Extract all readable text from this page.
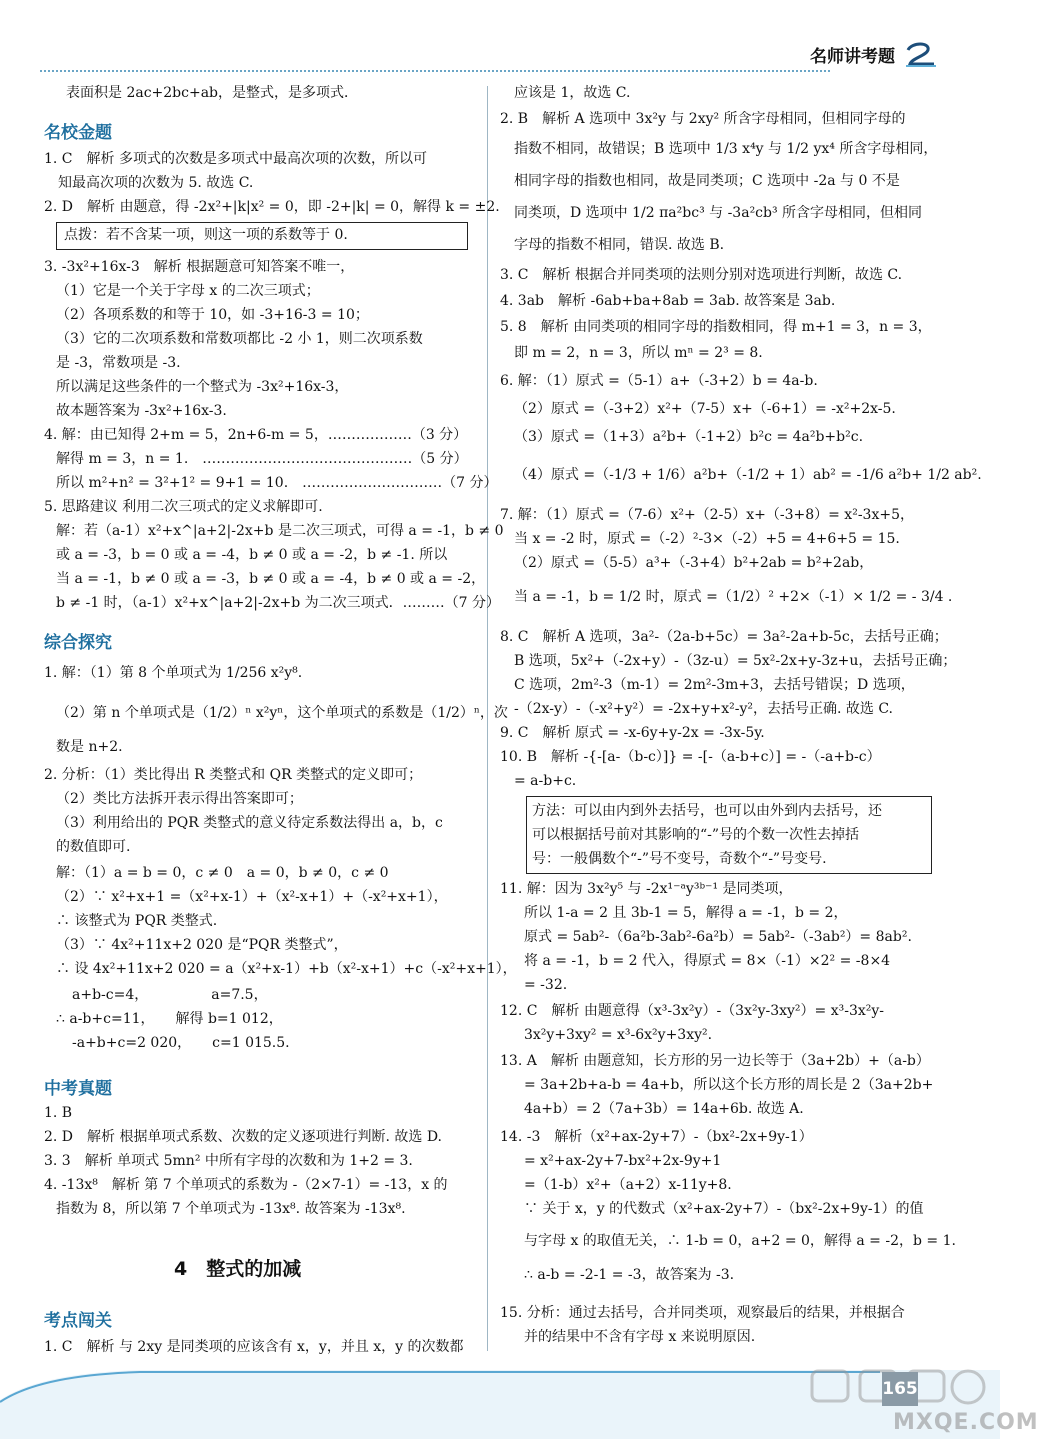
名师讲考题
表面积是 2ac+2bc+ab，是整式，是多项式．
名校金题
1. C　解析 多项式的次数是多项式中最高次项的次数，所以可
知最高次项的次数为 5. 故选 C.
2. D　解析 由题意，得 -2x²+|k|x² = 0，即 -2+|k| = 0，解得 k = ±2.
点拨：若不含某一项，则这一项的系数等于 0.
3. -3x²+16x-3　解析 根据题意可知答案不唯一，
（1）它是一个关于字母 x 的二次三项式；
（2）各项系数的和等于 10，如 -3+16-3 = 10；
（3）它的二次项系数和常数项都比 -2 小 1，则二次项系数
是 -3，常数项是 -3.
所以满足这些条件的一个整式为 -3x²+16x-3，
故本题答案为 -3x²+16x-3.
4. 解：由已知得 2+m = 5，2n+6-m = 5，………………（3 分）
解得 m = 3，n = 1.　………………………………………（5 分）
所以 m²+n² = 3²+1² = 9+1 = 10.　…………………………（7 分）
5. 思路建议 利用二次三项式的定义求解即可.
解：若（a-1）x²+x^|a+2|-2x+b 是二次三项式，可得 a = -1，b ≠ 0
或 a = -3，b = 0 或 a = -4，b ≠ 0 或 a = -2，b ≠ -1. 所以
当 a = -1，b ≠ 0 或 a = -3，b ≠ 0 或 a = -4，b ≠ 0 或 a = -2，
b ≠ -1 时，（a-1）x²+x^|a+2|-2x+b 为二次三项式．………（7 分）
综合探究
1. 解：（1）第 8 个单项式为 1/256 x²y⁸.
（2）第 n 个单项式是（1/2）ⁿ x²yⁿ，这个单项式的系数是（1/2）ⁿ，次
数是 n+2.
2. 分析：（1）类比得出 R 类整式和 QR 类整式的定义即可；
（2）类比方法拆开表示得出答案即可；
（3）利用给出的 PQR 类整式的意义待定系数法得出 a，b，c
的数值即可.
解：（1）a = b = 0，c ≠ 0　a = 0，b ≠ 0，c ≠ 0
（2）∵ x²+x+1 =（x²+x-1）+（x²-x+1）+（-x²+x+1），
∴ 该整式为 PQR 类整式.
（3）∵ 4x²+11x+2 020 是“PQR 类整式”，
∴ 设 4x²+11x+2 020 = a（x²+x-1）+b（x²-x+1）+c（-x²+x+1），
a+b-c=4，　　　　　a=7.5，
∴ a-b+c=11，　　解得 b=1 012，
-a+b+c=2 020，　　c=1 015.5.
中考真题
1. B
2. D　解析 根据单项式系数、次数的定义逐项进行判断. 故选 D.
3. 3　解析 单项式 5mn² 中所有字母的次数和为 1+2 = 3.
4. -13x⁸　解析 第 7 个单项式的系数为 -（2×7-1）= -13，x 的
指数为 8，所以第 7 个单项式为 -13x⁸. 故答案为 -13x⁸.
4　整式的加减
考点闯关
1. C　解析 与 2xy 是同类项的应该含有 x，y，并且 x，y 的次数都
应该是 1，故选 C.
2. B　解析 A 选项中 3x²y 与 2xy² 所含字母相同，但相同字母的
指数不相同，故错误；B 选项中 1/3 x⁴y 与 1/2 yx⁴ 所含字母相同，
相同字母的指数也相同，故是同类项；C 选项中 -2a 与 0 不是
同类项，D 选项中 1/2 πa²bc³ 与 -3a²cb³ 所含字母相同，但相同
字母的指数不相同，错误. 故选 B.
3. C　解析 根据合并同类项的法则分别对选项进行判断，故选 C.
4. 3ab　解析 -6ab+ba+8ab = 3ab. 故答案是 3ab.
5. 8　解析 由同类项的相同字母的指数相同，得 m+1 = 3，n = 3，
即 m = 2，n = 3，所以 mⁿ = 2³ = 8.
6. 解：（1）原式 =（5-1）a+（-3+2）b = 4a-b.
（2）原式 =（-3+2）x²+（7-5）x+（-6+1）= -x²+2x-5.
（3）原式 =（1+3）a²b+（-1+2）b²c = 4a²b+b²c.
（4）原式 =（-1/3 + 1/6）a²b+（-1/2 + 1）ab² = -1/6 a²b+ 1/2 ab².
7. 解：（1）原式 =（7-6）x²+（2-5）x+（-3+8）= x²-3x+5，
当 x = -2 时，原式 =（-2）²-3×（-2）+5 = 4+6+5 = 15.
（2）原式 =（5-5）a³+（-3+4）b²+2ab = b²+2ab，
当 a = -1，b = 1/2 时，原式 =（1/2）² +2×（-1）× 1/2 = - 3/4 .
8. C　解析 A 选项，3a²-（2a-b+5c）= 3a²-2a+b-5c，去括号正确；
B 选项，5x²+（-2x+y）-（3z-u）= 5x²-2x+y-3z+u，去括号正确；
C 选项，2m²-3（m-1）= 2m²-3m+3，去括号错误；D 选项，
-（2x-y）-（-x²+y²）= -2x+y+x²-y²，去括号正确. 故选 C.
9. C　解析 原式 = -x-6y+y-2x = -3x-5y.
10. B　解析 -{-[a-（b-c）]} = -[-（a-b+c）] = -（-a+b-c）
= a-b+c.
方法：可以由内到外去括号，也可以由外到内去括号，还
可以根据括号前对其影响的“-”号的个数一次性去掉括
号：一般偶数个“-”号不变号，奇数个“-”号变号.
11. 解：因为 3x²y⁵ 与 -2x¹⁻ᵃy³ᵇ⁻¹ 是同类项，
所以 1-a = 2 且 3b-1 = 5，解得 a = -1，b = 2，
原式 = 5ab²-（6a²b-3ab²-6a²b）= 5ab²-（-3ab²）= 8ab².
将 a = -1，b = 2 代入，得原式 = 8×（-1）×2² = -8×4
= -32.
12. C　解析 由题意得（x³-3x²y）-（3x²y-3xy²）= x³-3x²y-
3x²y+3xy² = x³-6x²y+3xy².
13. A　解析 由题意知，长方形的另一边长等于（3a+2b）+（a-b）
= 3a+2b+a-b = 4a+b，所以这个长方形的周长是 2（3a+2b+
4a+b）= 2（7a+3b）= 14a+6b. 故选 A.
14. -3　解析（x²+ax-2y+7）-（bx²-2x+9y-1）
= x²+ax-2y+7-bx²+2x-9y+1
=（1-b）x²+（a+2）x-11y+8.
∵ 关于 x，y 的代数式（x²+ax-2y+7）-（bx²-2x+9y-1）的值
与字母 x 的取值无关，∴ 1-b = 0，a+2 = 0，解得 a = -2，b = 1.
∴ a-b = -2-1 = -3，故答案为 -3.
15. 分析：通过去括号，合并同类项，观察最后的结果，并根据合
并的结果中不含有字母 x 来说明原因.
165
MXQE.COM
